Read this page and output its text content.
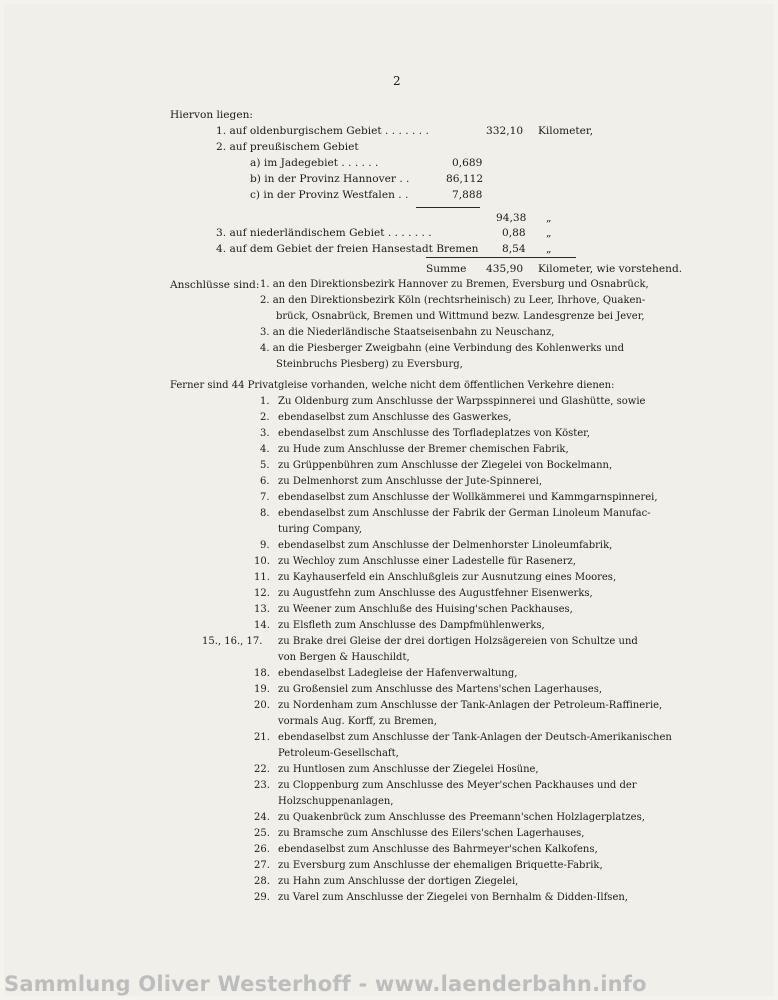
2
Hiervon liegen:
1. auf oldenburgischem Gebiet . . . . . . .	332,10 Kilometer,
2. auf preußischem Gebiet
a) im Jadegebiet . . . . . .	0,689
b) in der Provinz Hannover . .	86,112
c) in der Provinz Westfalen . .	7,888
94,38 „
3. auf niederländischem Gebiet . . . . . . .	0,88 „
4. auf dem Gebiet der freien Hansestadt Bremen 8,54 „
Summe 435,90 Kilometer, wie vorstehend.
Anschlüsse sind: 1. an den Direktionsbezirk Hannover zu Bremen, Eversburg und Osnabrück,
2. an den Direktionsbezirk Köln (rechtsrheinisch) zu Leer, Ihrhove, Quaken-
brück, Osnabrück, Bremen und Wittmund bezw. Landesgrenze bei Jever,
3. an die Niederländische Staatseisenbahn zu Neuschanz,
4. an die Piesberger Zweigbahn (eine Verbindung des Kohlenwerks und
Steinbruchs Piesberg) zu Eversburg,
Ferner sind 44 Privatgleise vorhanden, welche nicht dem öffentlichen Verkehre dienen:
1. Zu Oldenburg zum Anschlusse der Warpsspinnerei und Glashütte, sowie
2. ebendaselbst zum Anschlusse des Gaswerkes,
3. ebendaselbst zum Anschlusse des Torfladeplatzes von Köster,
4. zu Hude zum Anschlusse der Bremer chemischen Fabrik,
5. zu Grüppenbühren zum Anschlusse der Ziegelei von Bockelmann,
6. zu Delmenhorst zum Anschlusse der Jute-Spinnerei,
7. ebendaselbst zum Anschlusse der Wollkämmerei und Kammgarnspinnerei,
8. ebendaselbst zum Anschlusse der Fabrik der German Linoleum Manufac-
turing Company,
9. ebendaselbst zum Anschlusse der Delmenhorster Linoleumfabrik,
10. zu Wechloy zum Anschlusse einer Ladestelle für Rasenerz,
11. zu Kayhauserfeld ein Anschlußgleis zur Ausnutzung eines Moores,
12. zu Augustfehn zum Anschlusse des Augustfehner Eisenwerks,
13. zu Weener zum Anschluße des Huising'schen Packhauses,
14. zu Elsfleth zum Anschlusse des Dampfmühlenwerks,
15., 16., 17. zu Brake drei Gleise der drei dortigen Holzsägereien von Schultze und
von Bergen & Hauschildt,
18. ebendaselbst Ladegleise der Hafenverwaltung,
19. zu Großensiel zum Anschlusse des Martens'schen Lagerhauses,
20. zu Nordenham zum Anschlusse der Tank-Anlagen der Petroleum-Raffinerie,
vormals Aug. Korff, zu Bremen,
21. ebendaselbst zum Anschlusse der Tank-Anlagen der Deutsch-Amerikanischen
Petroleum-Gesellschaft,
22. zu Huntlosen zum Anschlusse der Ziegelei Hosüne,
23. zu Cloppenburg zum Anschlusse des Meyer'schen Packhauses und der
Holzschuppenanlagen,
24. zu Quakenbrück zum Anschlusse des Preemann'schen Holzlagerplatzes,
25. zu Bramsche zum Anschlusse des Eilers'schen Lagerhauses,
26. ebendaselbst zum Anschlusse des Bahrmeyer'schen Kalkofens,
27. zu Eversburg zum Anschlusse der ehemaligen Briquette-Fabrik,
28. zu Hahn zum Anschlusse der dortigen Ziegelei,
29. zu Varel zum Anschlusse der Ziegelei von Bernhalm & Didden-Ilfsen,
Sammlung Oliver Westerhoff - www.laenderbahn.info
